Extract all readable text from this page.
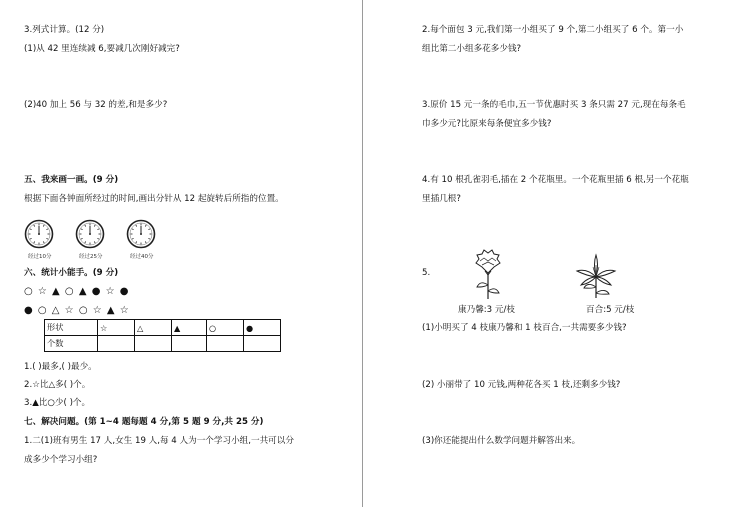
3.列式计算。(12 分)
(1)从 42 里连续减 6,要减几次刚好减完?
(2)40 加上 56 与 32 的差,和是多少?
五、我来画一画。(9 分)
根据下面各钟面所经过的时间,画出分针从 12 起旋转后所指的位置。
经过10分	经过25分	经过40分
六、统计小能手。(9 分)
○ ☆ ▲ ○ ▲ ● ☆ ●
● ○ △ ☆ ○ ☆ ▲ ☆
形状	☆	△	▲	○	●
个数					
1.( )最多,( )最少。
2.☆比△多( )个。
3.▲比○少( )个。
七、解决问题。(第 1~4 题每题 4 分,第 5 题 9 分,共 25 分)
1.二(1)班有男生 17 人,女生 19 人,每 4 人为一个学习小组,一共可以分
成多少个学习小组?
2.每个面包 3 元,我们第一小组买了 9 个,第二小组买了 6 个。第一小
组比第二小组多花多少钱?
3.原价 15 元一条的毛巾,五一节优惠时买 3 条只需 27 元,现在每条毛
巾多少元?比原来每条便宜多少钱?
4.有 10 根孔雀羽毛,插在 2 个花瓶里。一个花瓶里插 6 根,另一个花瓶
里插几根?
5.
康乃馨:3 元/枝	百合:5 元/枝
(1)小明买了 4 枝康乃馨和 1 枝百合,一共需要多少钱?
(2) 小丽带了 10 元钱,两种花各买 1 枝,还剩多少钱?
(3)你还能提出什么数学问题并解答出来。
